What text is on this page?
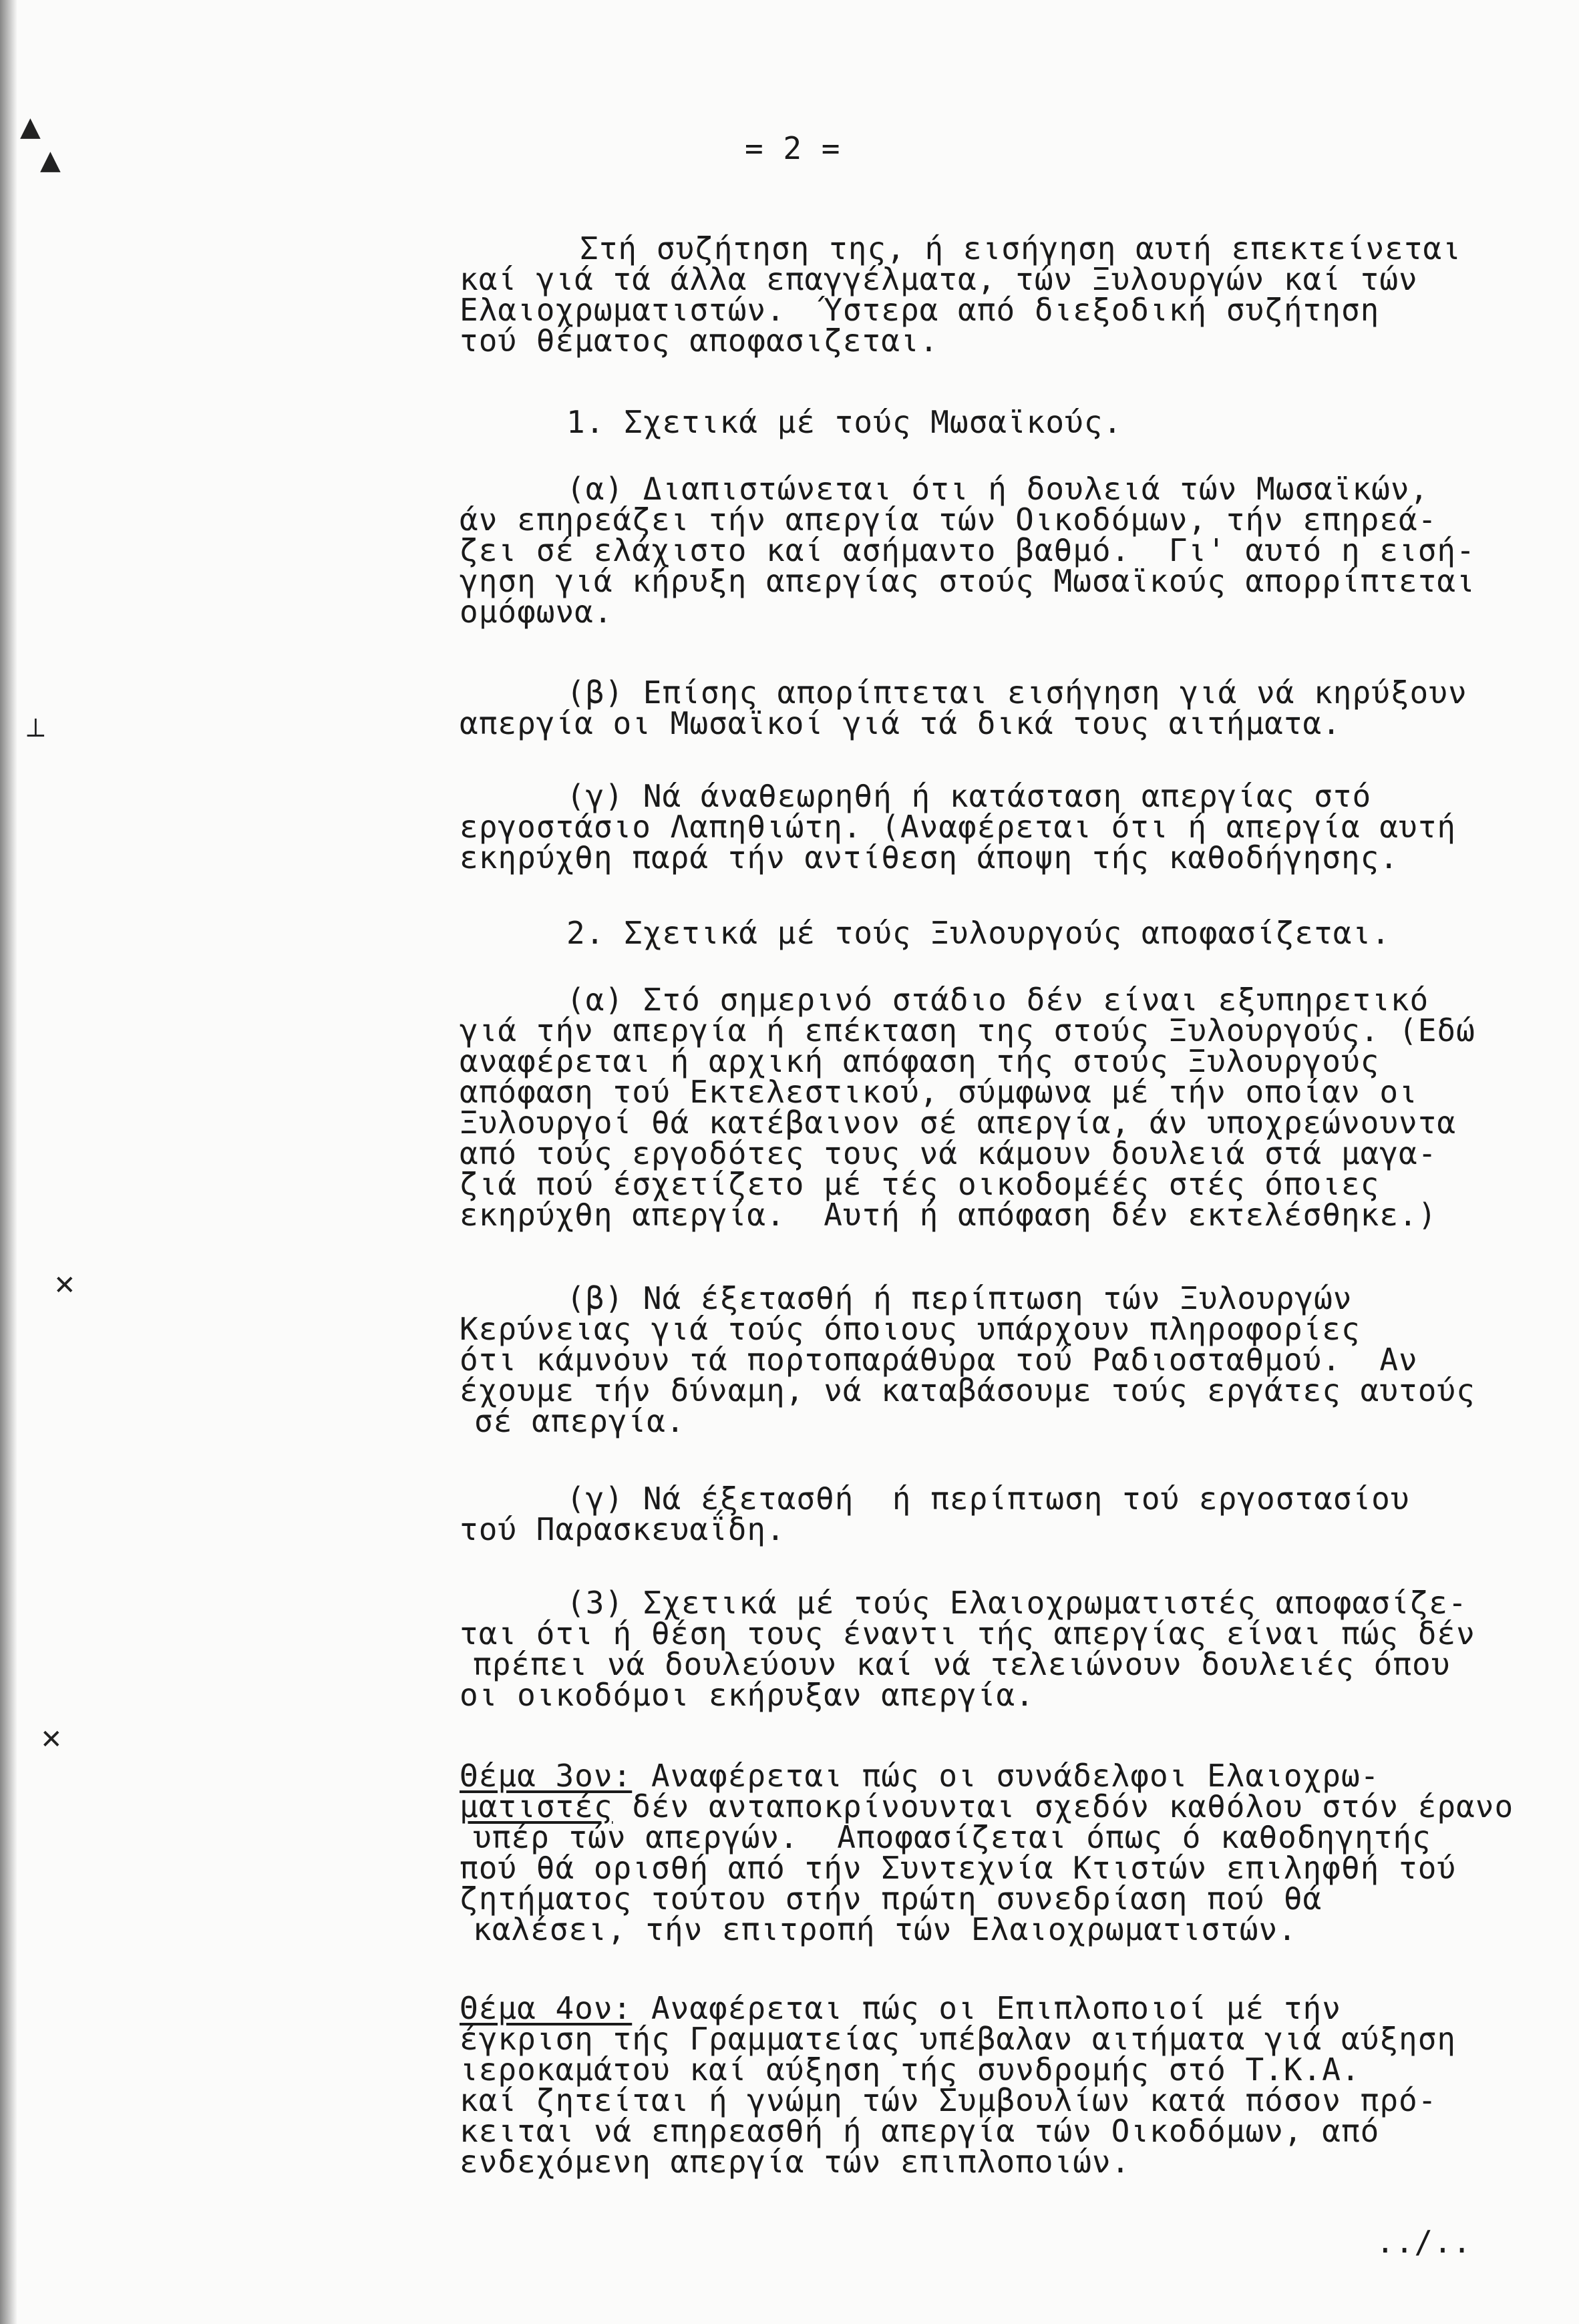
▲
▲
⟂
✕
✕
= 2 =
Στή συζήτηση της, ή εισήγηση αυτή επεκτείνεται
καί γιά τά άλλα επαγγέλματα, τών Ξυλουργών καί τών
Ελαιοχρωματιστών.  Ύστερα από διεξοδική συζήτηση
τού θέματος αποφασιζεται.
1. Σχετικά μέ τούς Μωσαϊκούς.
(α) Διαπιστώνεται ότι ή δουλειά τών Μωσαϊκών,
άν επηρεάζει τήν απεργία τών Οικοδόμων, τήν επηρεά-
ζει σέ ελάχιστο καί ασήμαντο βαθμό.  Γι' αυτό η εισή-
γηση γιά κήρυξη απεργίας στούς Μωσαϊκούς απορρίπτεται
ομόφωνα.
(β) Επίσης απορίπτεται εισήγηση γιά νά κηρύξουν
απεργία οι Μωσαϊκοί γιά τά δικά τους αιτήματα.
(γ) Νά άναθεωρηθή ή κατάσταση απεργίας στό
εργοστάσιο Λαπηθιώτη. (Αναφέρεται ότι ή απεργία αυτή
εκηρύχθη παρά τήν αντίθεση άποψη τής καθοδήγησης.
2. Σχετικά μέ τούς Ξυλουργούς αποφασίζεται.
(α) Στό σημερινό στάδιο δέν είναι εξυπηρετικό
γιά τήν απεργία ή επέκταση της στούς Ξυλουργούς. (Εδώ
αναφέρεται ή αρχική απόφαση τής στούς Ξυλουργούς
απόφαση τού Εκτελεστικού, σύμφωνα μέ τήν οποίαν οι
Ξυλουργοί θά κατέβαινον σέ απεργία, άν υποχρεώνουντα
από τούς εργοδότες τους νά κάμουν δουλειά στά μαγα-
ζιά πού έσχετίζετο μέ τές οικοδομέές στές όποιες
εκηρύχθη απεργία.  Αυτή ή απόφαση δέν εκτελέσθηκε.)
(β) Νά έξετασθή ή περίπτωση τών Ξυλουργών
Κερύνειας γιά τούς όποιους υπάρχουν πληροφορίες
ότι κάμνουν τά πορτοπαράθυρα τού Ραδιοσταθμού.  Αν
έχουμε τήν δύναμη, νά καταβάσουμε τούς εργάτες αυτούς
σέ απεργία.
(γ) Νά έξετασθή  ή περίπτωση τού εργοστασίου
τού Παρασκευαΐδη.
(3) Σχετικά μέ τούς Ελαιοχρωματιστές αποφασίζε-
ται ότι ή θέση τους έναντι τής απεργίας είναι πώς δέν
πρέπει νά δουλεύουν καί νά τελειώνουν δουλειές όπου
οι οικοδόμοι εκήρυξαν απεργία.
Θέμα 3ον: Αναφέρεται πώς οι συνάδελφοι Ελαιοχρω-
ματιστές δέν ανταποκρίνουνται σχεδόν καθόλου στόν έρανο
υπέρ τών απεργών.  Αποφασίζεται όπως ό καθοδηγητής
πού θά ορισθή από τήν Συντεχνία Κτιστών επιληφθή τού
ζητήματος τούτου στήν πρώτη συνεδρίαση πού θά
καλέσει, τήν επιτροπή τών Ελαιοχρωματιστών.
Θέμα 4ον: Αναφέρεται πώς οι Επιπλοποιοί μέ τήν
έγκριση τής Γραμματείας υπέβαλαν αιτήματα γιά αύξηση
ιεροκαμάτου καί αύξηση τής συνδρομής στό Τ.Κ.Α.
καί ζητείται ή γνώμη τών Συμβουλίων κατά πόσον πρό-
κειται νά επηρεασθή ή απεργία τών Οικοδόμων, από
ενδεχόμενη απεργία τών επιπλοποιών.
../..
